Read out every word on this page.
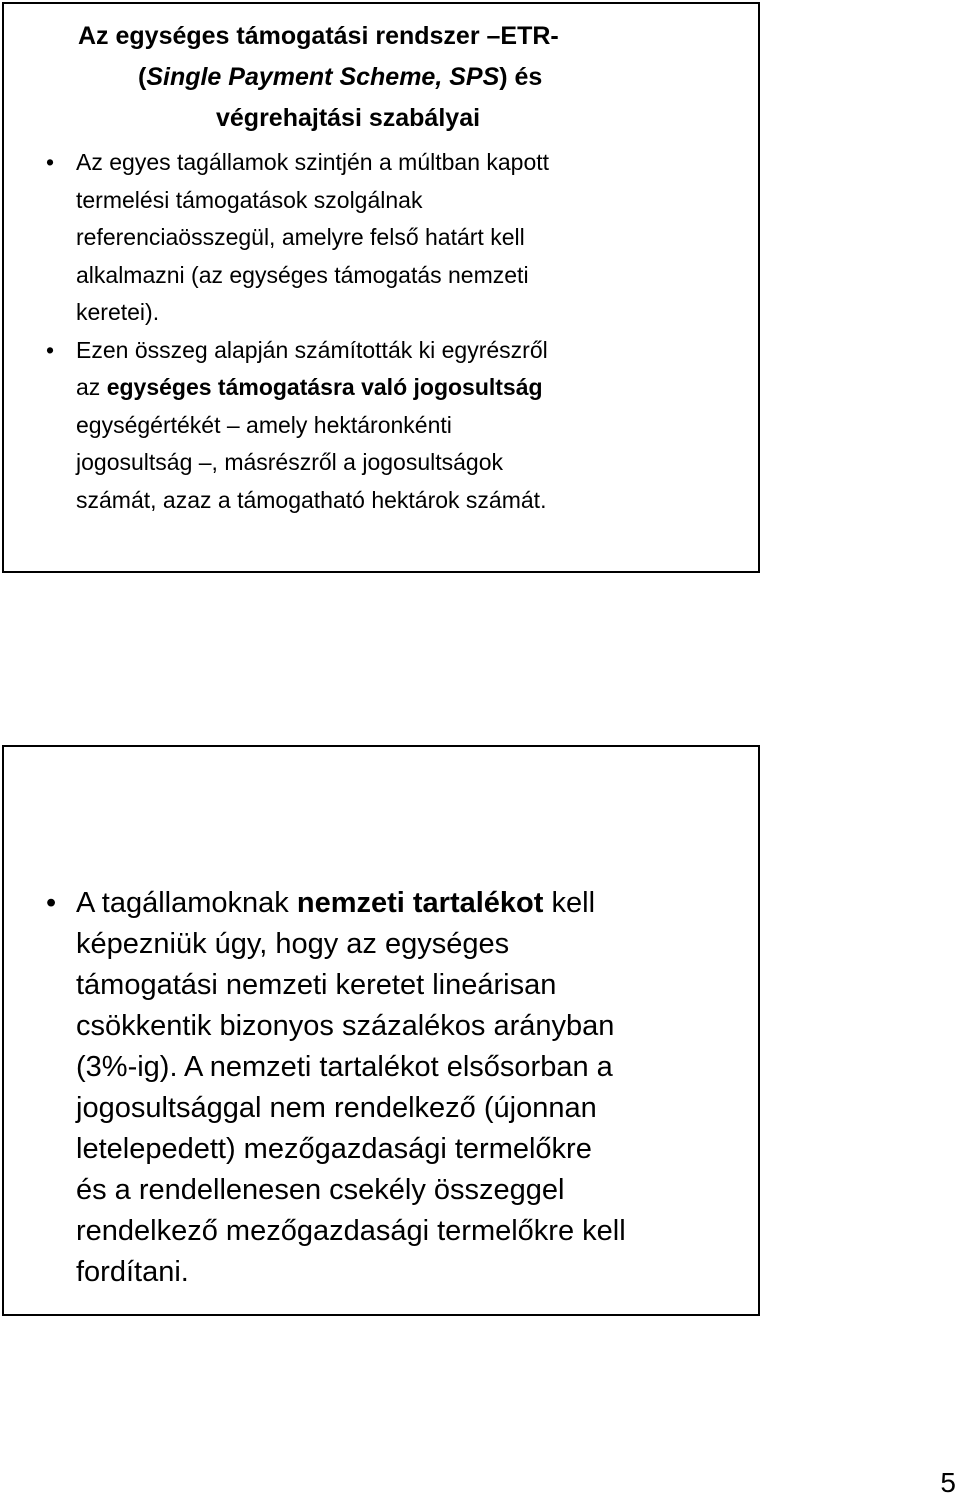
Az egységes támogatási rendszer –ETR-
(Single Payment Scheme, SPS) és
végrehajtási szabályai
• Az egyes tagállamok szintjén a múltban kapott
termelési támogatások szolgálnak
referenciaösszegül, amelyre felső határt kell
alkalmazni (az egységes támogatás nemzeti
keretei).
• Ezen összeg alapján számították ki egyrészről
az egységes támogatásra való jogosultság
egységértékét – amely hektáronkénti
jogosultság –, másrészről a jogosultságok
számát, azaz a támogatható hektárok számát.
• A tagállamoknak nemzeti tartalékot kell
képezniük úgy, hogy az egységes
támogatási nemzeti keretet lineárisan
csökkentik bizonyos százalékos arányban
(3%-ig). A nemzeti tartalékot elsősorban a
jogosultsággal nem rendelkező (újonnan
letelepedett) mezőgazdasági termelőkre
és a rendellenesen csekély összeggel
rendelkező mezőgazdasági termelőkre kell
fordítani.
5
